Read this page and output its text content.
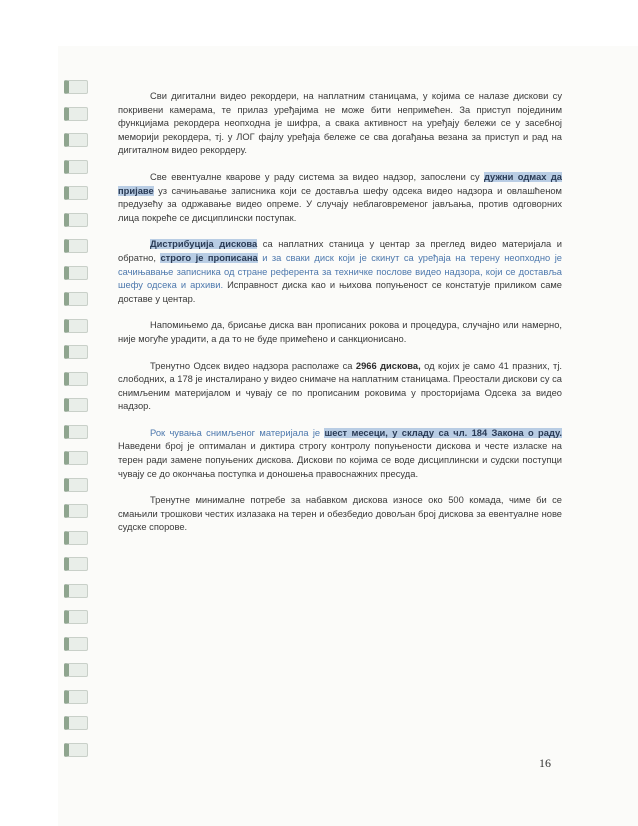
Сви дигитални видео рекордери, на наплатним станицама, у којима се налазе дискови су покривени камерама, те прилаз уређајима не може бити непримећен. За приступ појединим функцијама рекордера неопходна је шифра, а свака активност на уређају бележи се у засебној меморији рекордера, тј. у ЛОГ фајлу уређаја бележе се сва догађања везана за приступ и рад на дигиталном видео рекордеру.

Све евентуалне кварове у раду система за видео надзор, запослени су дужни одмах да пријаве уз сачињавање записника који се доставља шефу одсека видео надзора и овлашћеном предузећу за одржавање видео опреме. У случају неблаговременог јављања, против одговорних лица покреће се дисциплински поступак.

Дистрибуција дискова са наплатних станица у центар за преглед видео материјала и обратно, строго је прописана и за сваки диск који је скинут са уређаја на терену неопходно је сачињавање записника од стране референта за техничке послове видео надзора, који се доставља шефу одсека и архиви. Исправност диска као и њихова попуњеност се констатује приликом саме доставе у центар.

Напомињемо да, брисање диска ван прописаних рокова и процедура, случајно или намерно, није могуће урадити, а да то не буде примећено и санкционисано.

Тренутно Одсек видео надзора располаже са 2966 дискова, од којих је само 41 празних, тј. слободних, а 178 је инсталирано у видео снимаче на наплатним станицама. Преостали дискови су са снимљеним материјалом и чувају се по прописаним роковима у просторијама Одсека за видео надзор.

Рок чувања снимљеног материјала је шест месеци, у складу са чл. 184 Закона о раду. Наведени број је оптималан и диктира строгу контролу попуњености дискова и честе изласке на терен ради замене попуњених дискова. Дискови по којима се воде дисциплински и судски поступци чувају се до окончања поступка и доношења правоснажних пресуда.

Тренутне минималне потребе за набавком дискова износе око 500 комада, чиме би се смањили трошкови честих излазака на терен и обезбедио довољан број дискова за евентуалне нове судске спорове.

16
